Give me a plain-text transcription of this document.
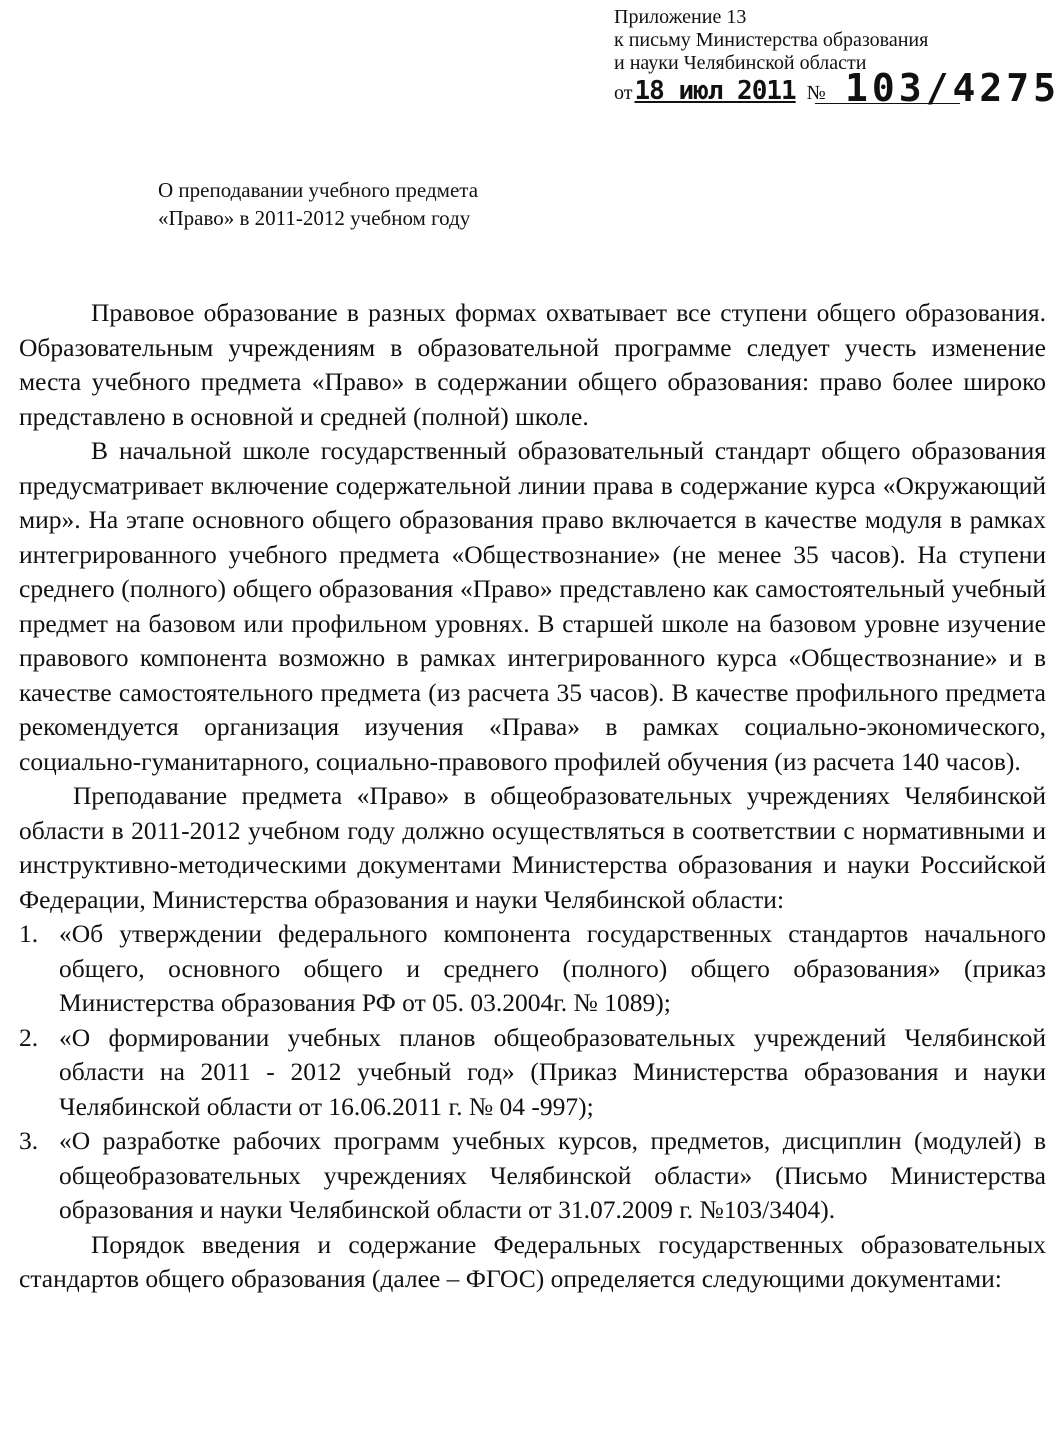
Приложение 13
к письму Министерства образования
и науки Челябинской области
от18 июл 2011 № 103/4275
О преподавании учебного предмета
«Право» в 2011-2012 учебном году

Правовое образование в разных формах охватывает все ступени общего образования. Образовательным учреждениям в образовательной программе следует учесть изменение места учебного предмета «Право» в содержании общего образования: право более широко представлено в основной и средней (полной) школе.

В начальной школе государственный образовательный стандарт общего образования предусматривает включение содержательной линии права в содержание курса «Окружающий мир». На этапе основного общего образования право включается в качестве модуля в рамках интегрированного учебного предмета «Обществознание» (не менее 35 часов). На ступени среднего (полного) общего образования «Право» представлено как самостоятельный учебный предмет на базовом или профильном уровнях. В старшей школе на базовом уровне изучение правового компонента возможно в рамках интегрированного курса «Обществознание» и в качестве самостоятельного предмета (из расчета 35 часов). В качестве профильного предмета рекомендуется организация изучения «Права» в рамках социально-экономического, социально-гуманитарного, социально-правового профилей обучения (из расчета 140 часов).

Преподавание предмета «Право» в общеобразовательных учреждениях Челябинской области в 2011-2012 учебном году должно осуществляться в соответствии с нормативными и инструктивно-методическими документами Министерства образования и науки Российской Федерации, Министерства образования и науки Челябинской области:

1. «Об утверждении федерального компонента государственных стандартов начального общего, основного общего и среднего (полного) общего образования» (приказ Министерства образования РФ от 05. 03.2004г. № 1089);
2. «О формировании учебных планов общеобразовательных учреждений Челябинской области на 2011 - 2012 учебный год» (Приказ Министерства образования и науки Челябинской области от 16.06.2011 г. № 04 -997);
3. «О разработке рабочих программ учебных курсов, предметов, дисциплин (модулей) в общеобразовательных учреждениях Челябинской области» (Письмо Министерства образования и науки Челябинской области от 31.07.2009 г. №103/3404).

Порядок введения и содержание Федеральных государственных образовательных стандартов общего образования (далее – ФГОС) определяется следующими документами:
